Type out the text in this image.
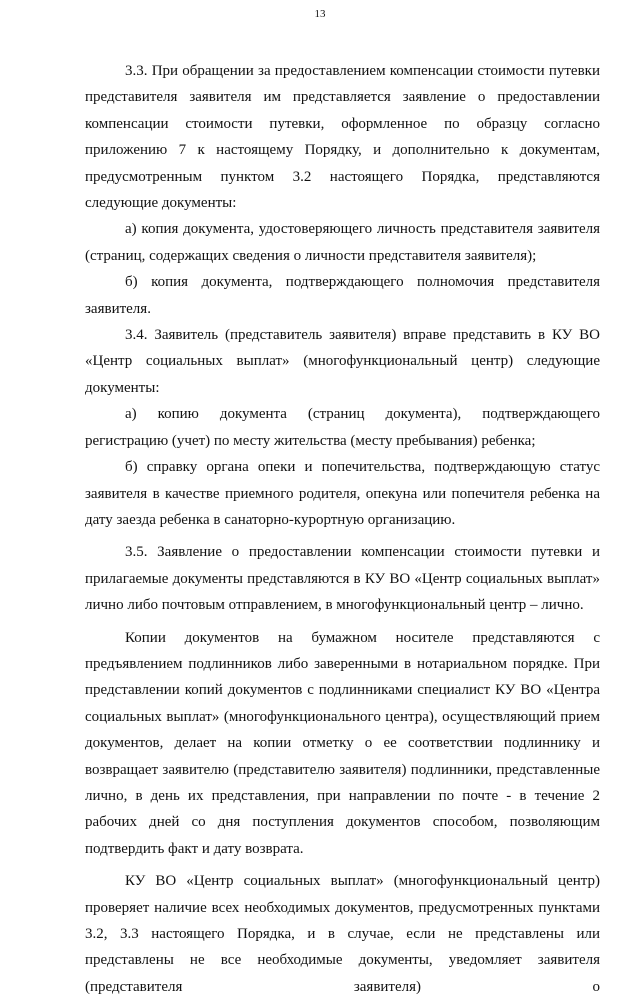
13

3.3. При обращении за предоставлением компенсации стоимости путевки представителя заявителя им представляется заявление о предоставлении компенсации стоимости путевки, оформленное по образцу согласно приложению 7 к настоящему Порядку, и дополнительно к документам, предусмотренным пунктом 3.2 настоящего Порядка, представляются следующие документы:

а) копия документа, удостоверяющего личность представителя заявителя (страниц, содержащих сведения о личности представителя заявителя);

б) копия документа, подтверждающего полномочия представителя заявителя.

3.4. Заявитель (представитель заявителя) вправе представить в КУ ВО «Центр социальных выплат» (многофункциональный центр) следующие документы:

а) копию документа (страниц документа), подтверждающего регистрацию (учет) по месту жительства (месту пребывания) ребенка;

б) справку органа опеки и попечительства, подтверждающую статус заявителя в качестве приемного родителя, опекуна или попечителя ребенка на дату заезда ребенка в санаторно-курортную организацию.

3.5. Заявление о предоставлении компенсации стоимости путевки и прилагаемые документы представляются в КУ ВО «Центр социальных выплат» лично либо почтовым отправлением, в многофункциональный центр – лично.

Копии документов на бумажном носителе представляются с предъявлением подлинников либо заверенными в нотариальном порядке. При представлении копий документов с подлинниками специалист КУ ВО «Центра социальных выплат» (многофункционального центра), осуществляющий прием документов, делает на копии отметку о ее соответствии подлиннику и возвращает заявителю (представителю заявителя) подлинники, представленные лично, в день их представления, при направлении по почте - в течение 2 рабочих дней со дня поступления документов способом, позволяющим подтвердить факт и дату возврата.

КУ ВО «Центр социальных выплат» (многофункциональный центр) проверяет наличие всех необходимых документов, предусмотренных пунктами 3.2, 3.3 настоящего Порядка, и в случае, если не представлены или представлены не все необходимые документы, уведомляет заявителя (представителя заявителя) о
